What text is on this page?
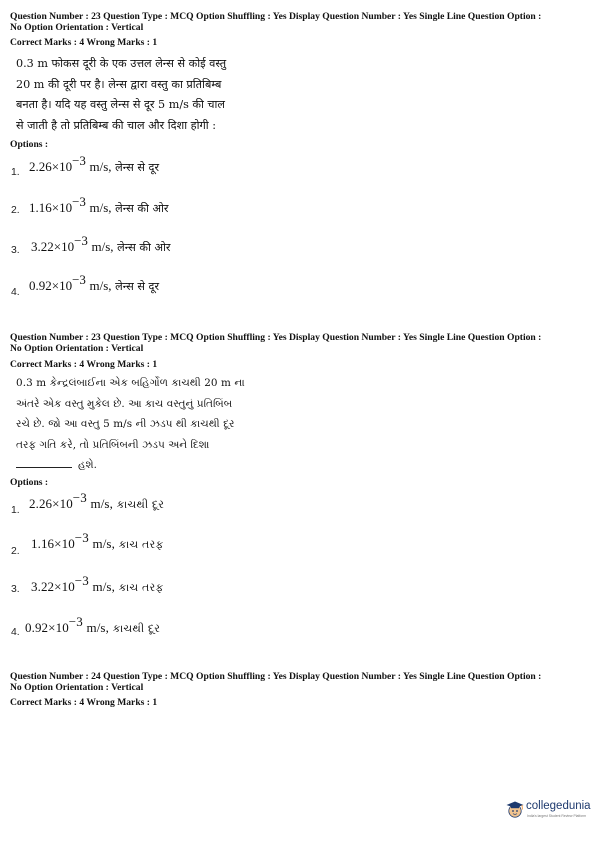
Question Number : 23 Question Type : MCQ Option Shuffling : Yes Display Question Number : Yes Single Line Question Option :
No Option Orientation : Vertical
Correct Marks : 4 Wrong Marks : 1
0.3 m फोकस दूरी के एक उत्तल लेन्स से कोई वस्तु
20 m की दूरी पर है। लेन्स द्वारा वस्तु का प्रतिबिम्ब
बनता है। यदि यह वस्तु लेन्स से दूर 5 m/s की चाल
से जाती है तो प्रतिबिम्ब की चाल और दिशा होगी :
Options :
1. $2.26\times 10^{-3}$ m/s, लेन्स से दूर
2. $1.16\times 10^{-3}$ m/s, लेन्स की ओर
3. $3.22\times 10^{-3}$ m/s, लेन्स की ओर
4. $0.92\times 10^{-3}$ m/s, लेन्स से दूर
Question Number : 23 Question Type : MCQ Option Shuffling : Yes Display Question Number : Yes Single Line Question Option :
No Option Orientation : Vertical
Correct Marks : 4 Wrong Marks : 1
0.3 m કેન્દ્રલંબાઈના એક બહિર્ગોળ કાચથી 20 m ના
અંતરે એક વસ્તુ મુકેલ છે. આ કાચ વસ્તુનું પ્રતિબિંબ
રચે છે. જો આ વસ્તુ 5 m/s ની ઝડપ થી કાચથી દૂર
તરફ ગતિ કરે, તો પ્રતિબિંબની ઝડપ અને દિશા
હશે.
Options :
1. $2.26\times 10^{-3}$ m/s, કાચથી દૂર
2.
$1.16\times 10^{-3}$ m/s, કાચ તરફ
3. $3.22\times 10^{-3}$ m/s, કાચ તરફ
4. $0.92\times 10^{-3}$ m/s, કાચથી દૂર
Question Number : 24 Question Type : MCQ Option Shuffling : Yes Display Question Number : Yes Single Line Question Option :
No Option Orientation : Vertical
Correct Marks : 4 Wrong Marks : 1
collegedunia
India's largest Student Review Platform
